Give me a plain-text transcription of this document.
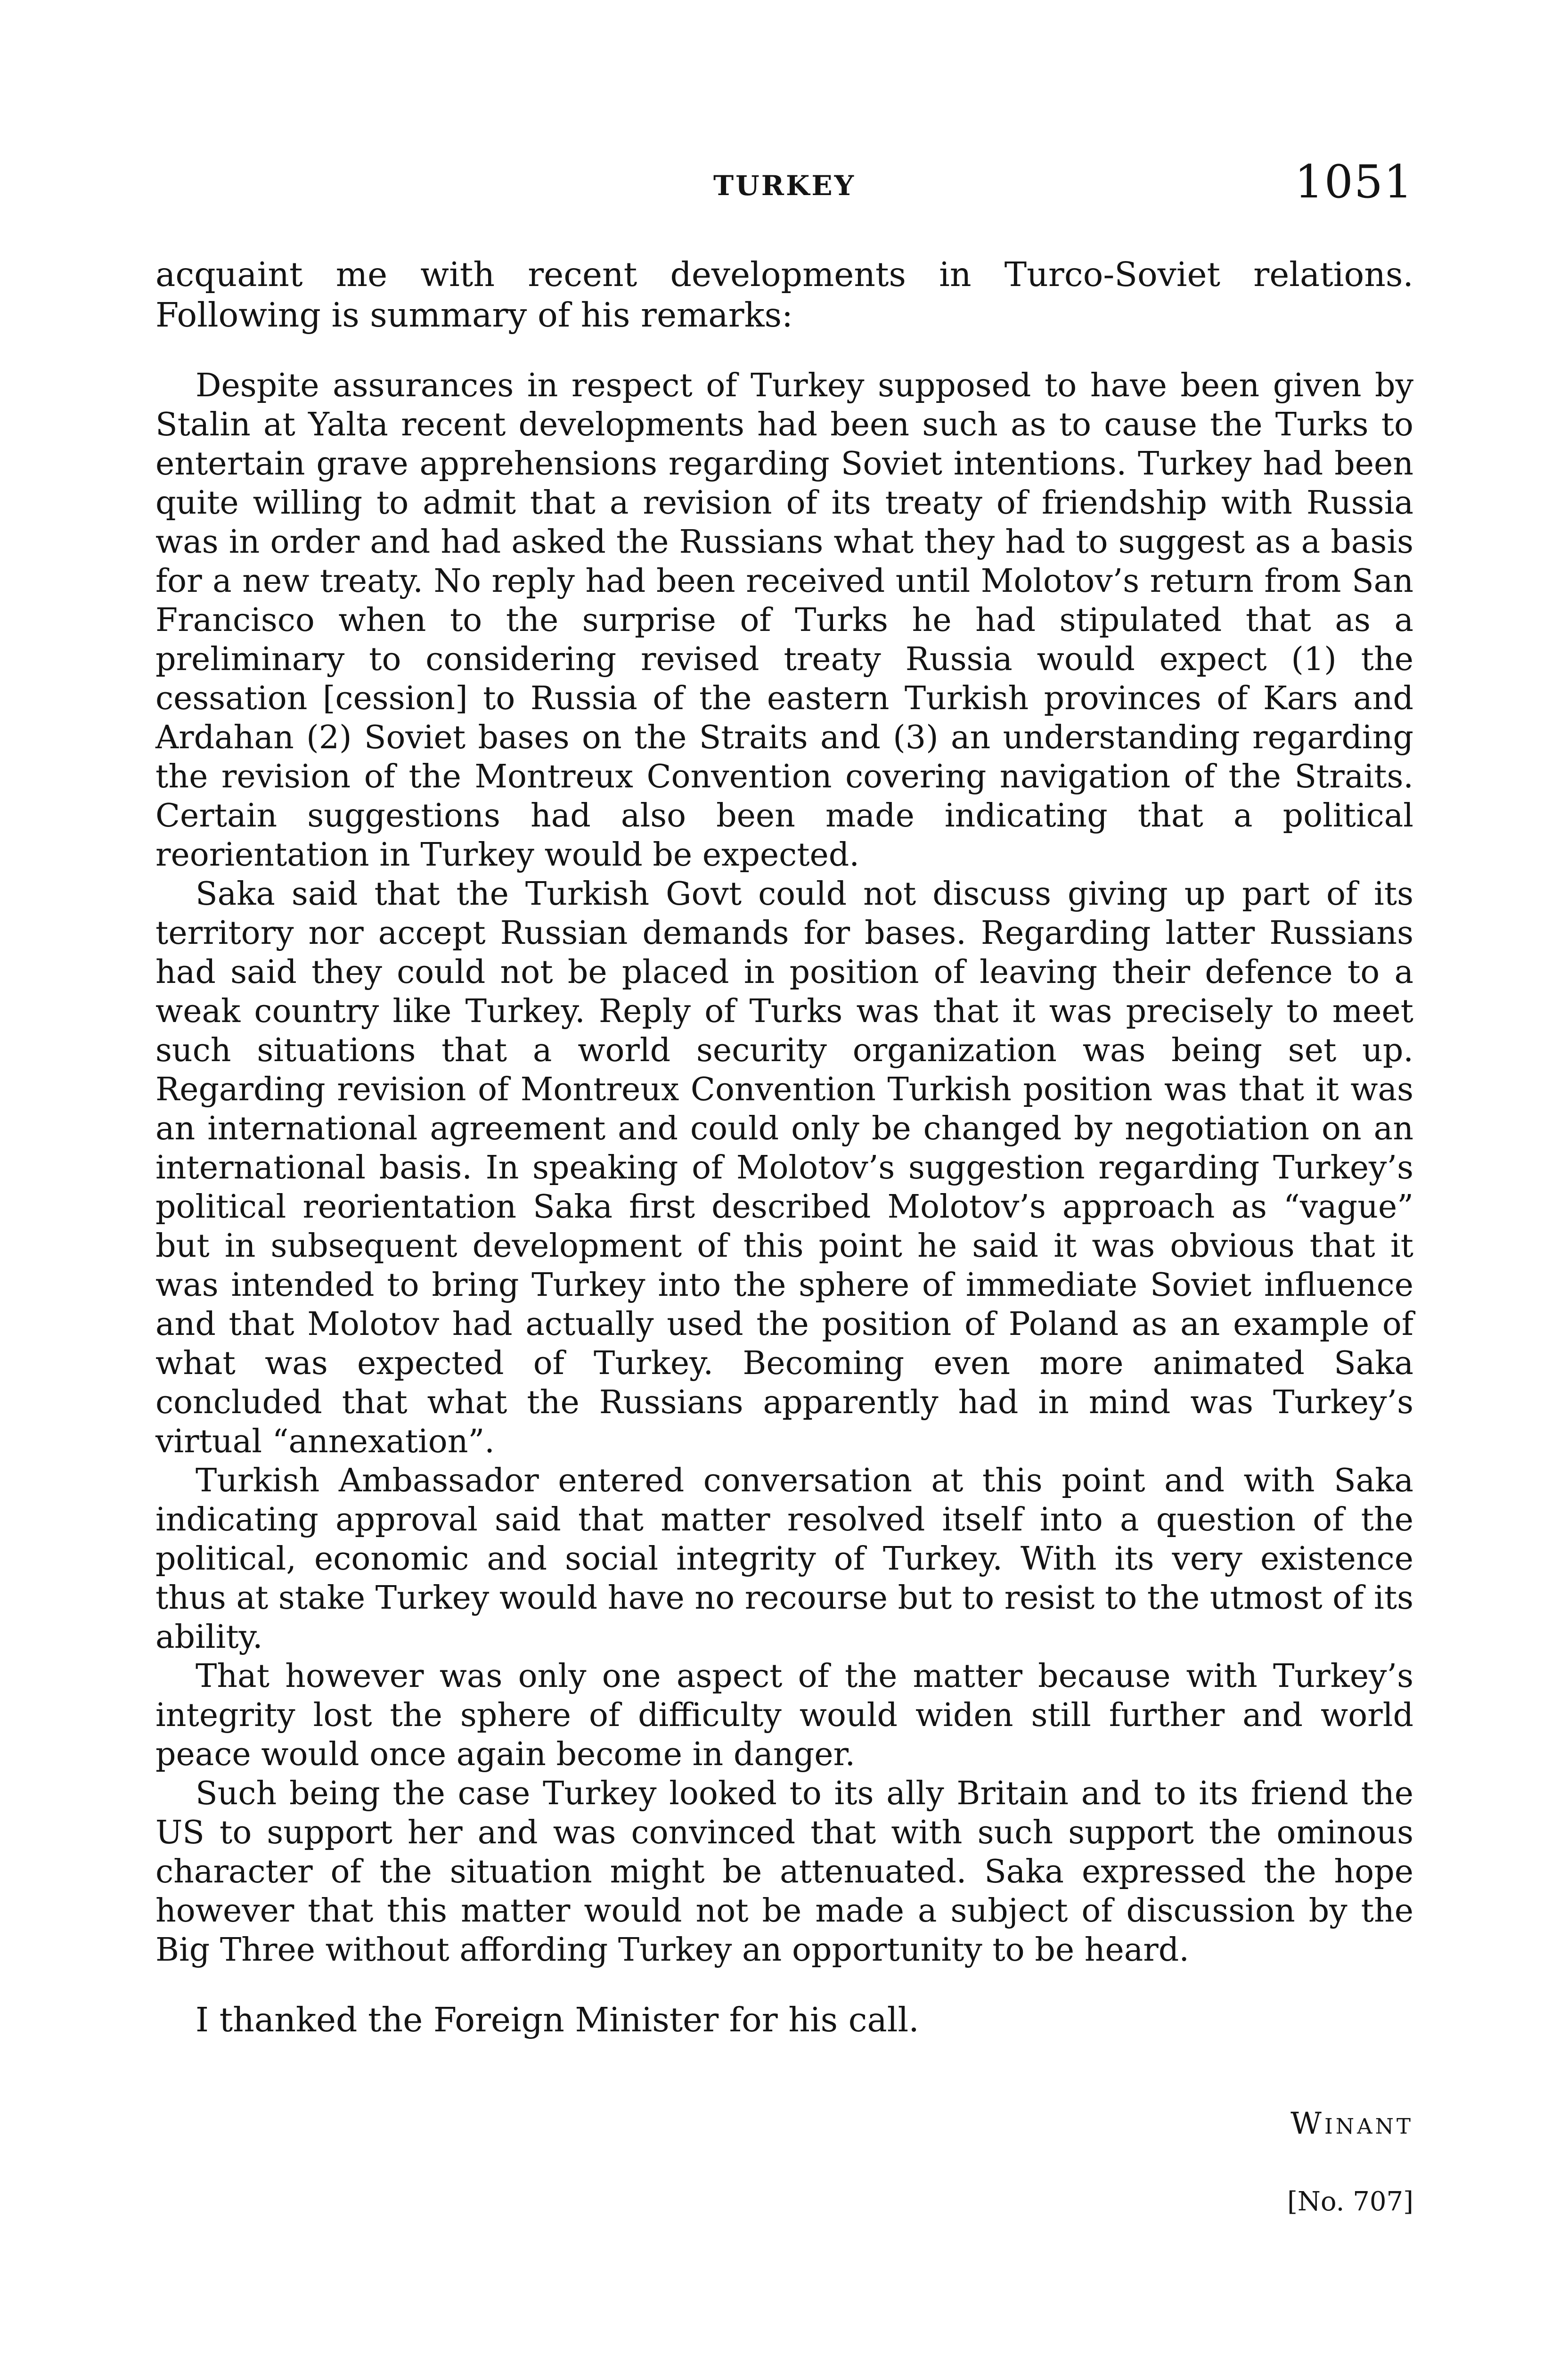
TURKEY	1051

acquaint me with recent developments in Turco-Soviet relations. Following is summary of his remarks:

Despite assurances in respect of Turkey supposed to have been given by Stalin at Yalta recent developments had been such as to cause the Turks to entertain grave apprehensions regarding Soviet intentions. Turkey had been quite willing to admit that a revision of its treaty of friendship with Russia was in order and had asked the Russians what they had to suggest as a basis for a new treaty. No reply had been received until Molotov’s return from San Francisco when to the surprise of Turks he had stipulated that as a preliminary to considering revised treaty Russia would expect (1) the cessation [cession] to Russia of the eastern Turkish provinces of Kars and Ardahan (2) Soviet bases on the Straits and (3) an understanding regarding the revision of the Montreux Convention covering navigation of the Straits. Certain suggestions had also been made indicating that a political reorientation in Turkey would be expected.

Saka said that the Turkish Govt could not discuss giving up part of its territory nor accept Russian demands for bases. Regarding latter Russians had said they could not be placed in position of leaving their defence to a weak country like Turkey. Reply of Turks was that it was precisely to meet such situations that a world security organization was being set up. Regarding revision of Montreux Convention Turkish position was that it was an international agreement and could only be changed by negotiation on an international basis. In speaking of Molotov’s suggestion regarding Turkey’s political reorientation Saka first described Molotov’s approach as “vague” but in subsequent development of this point he said it was obvious that it was intended to bring Turkey into the sphere of immediate Soviet influence and that Molotov had actually used the position of Poland as an example of what was expected of Turkey. Becoming even more animated Saka concluded that what the Russians apparently had in mind was Turkey’s virtual “annexation”.

Turkish Ambassador entered conversation at this point and with Saka indicating approval said that matter resolved itself into a question of the political, economic and social integrity of Turkey. With its very existence thus at stake Turkey would have no recourse but to resist to the utmost of its ability.

That however was only one aspect of the matter because with Turkey’s integrity lost the sphere of difficulty would widen still further and world peace would once again become in danger.

Such being the case Turkey looked to its ally Britain and to its friend the US to support her and was convinced that with such support the ominous character of the situation might be attenuated. Saka expressed the hope however that this matter would not be made a subject of discussion by the Big Three without affording Turkey an opportunity to be heard.

I thanked the Foreign Minister for his call.

Winant
[No. 707]
